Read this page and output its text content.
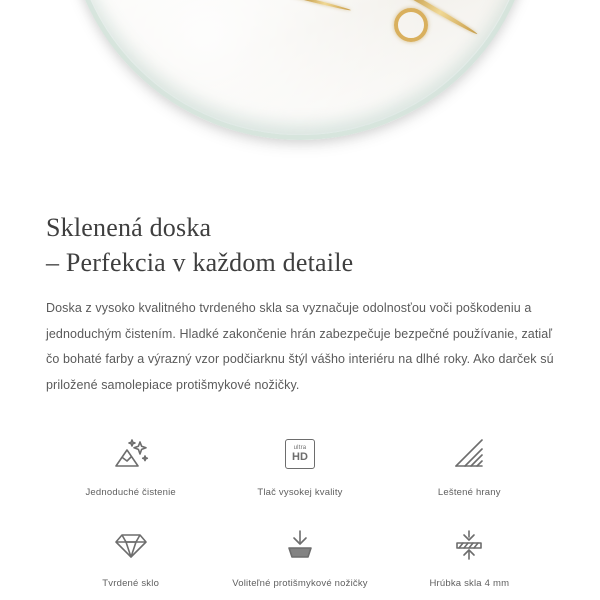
Sklenená doska
– Perfekcia v každom detaile

Doska z vysoko kvalitného tvrdeného skla sa vyznačuje odolnosťou voči poškodeniu a jednoduchým čistením. Hladké zakončenie hrán zabezpečuje bezpečné používanie, zatiaľ čo bohaté farby a výrazný vzor podčiarknu štýl vášho interiéru na dlhé roky. Ako darček sú priložené samolepiace protišmykové nožičky.

Jednoduché čistenie
ultra
HD
Tlač vysokej kvality	Leštené hrany
Tvrdené sklo	Voliteľné protišmykové nožičky	Hrúbka skla 4 mm
